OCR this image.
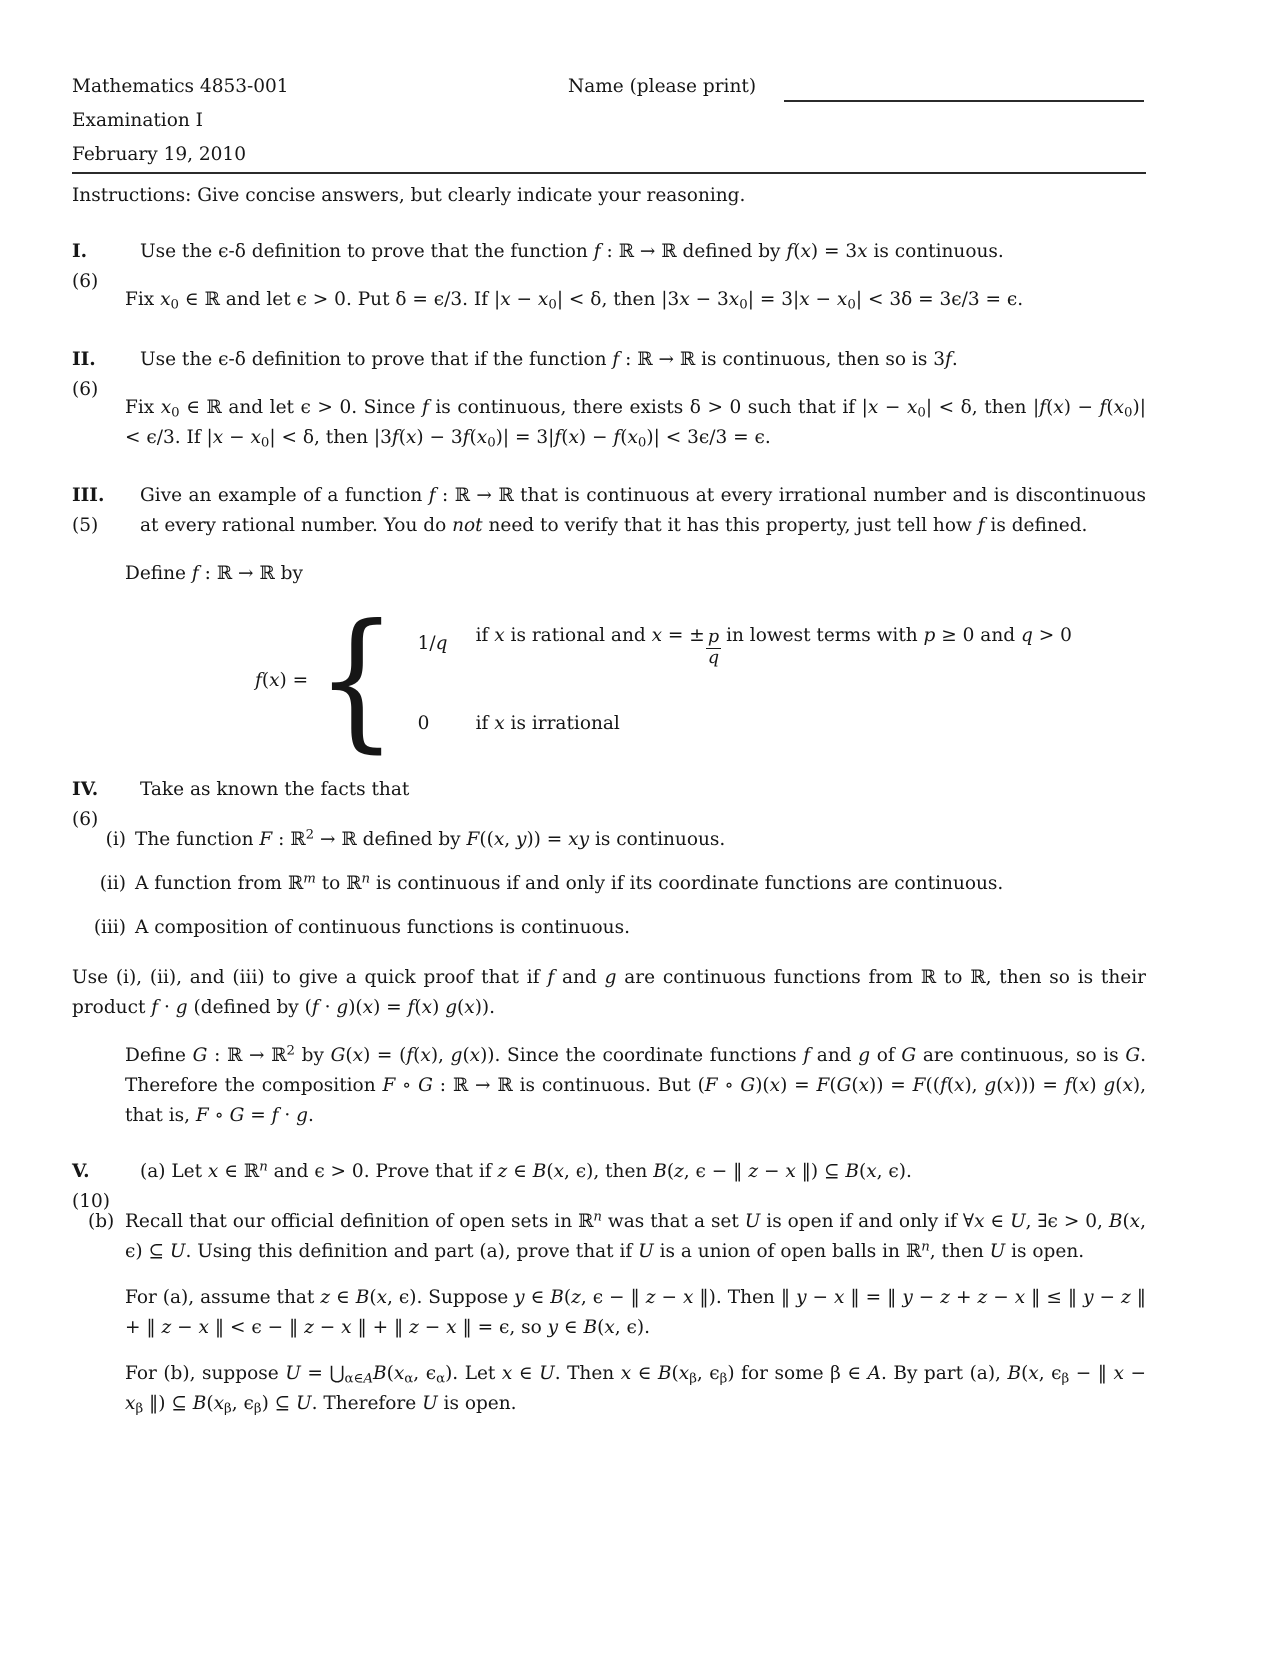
Mathematics 4853-001	Name (please print)
Examination I
February 19, 2010
Instructions: Give concise answers, but clearly indicate your reasoning.
I.
(6)

Use the ϵ-δ definition to prove that the function f : ℝ → ℝ defined by f(x) = 3x is continuous.

Fix $x_0$ ∈ ℝ and let ϵ > 0. Put δ = ϵ/3. If $|x - x_0| < \delta$, then $|3x - 3x_0| = 3|x - x_0| < 3\delta = 3\epsilon/3 = \epsilon$.

II.
(6)

Use the ϵ-δ definition to prove that if the function f : ℝ → ℝ is continuous, then so is 3f.

Fix $x_0$ ∈ ℝ and let ϵ > 0. Since f is continuous, there exists δ > 0 such that if $|x - x_0| < \delta$, then $|f(x) - f(x_0)| < \epsilon/3$. If $|x - x_0| < \delta$, then $|3f(x) - 3f(x_0)| = 3|f(x) - f(x_0)| < 3\epsilon/3 = \epsilon$.

III.
(5)

Give an example of a function f : ℝ → ℝ that is continuous at every irrational number and is discontinuous at every rational number. You do not need to verify that it has this property, just tell how f is defined.

Define f : ℝ → ℝ by

f(x) = { 1/q	if x is rational and x = ± $\frac{p}{q}$ in lowest terms with p ≥ 0 and q > 0
0	if x is irrational
IV.
(6)

Take as known the facts that

(i) The function F : ℝ$^2$ → ℝ defined by F((x, y)) = xy is continuous.
(ii) A function from ℝ$^m$ to ℝ$^n$ is continuous if and only if its coordinate functions are continuous.
(iii) A composition of continuous functions is continuous.

Use (i), (ii), and (iii) to give a quick proof that if f and g are continuous functions from ℝ to ℝ, then so is their product f · g (defined by (f · g)(x) = f(x) g(x)).

Define G : ℝ → ℝ$^2$ by G(x) = (f(x), g(x)). Since the coordinate functions f and g of G are continuous, so is G. Therefore the composition F ∘ G : ℝ → ℝ is continuous. But (F ∘ G)(x) = F(G(x)) = F((f(x), g(x))) = f(x) g(x), that is, F ∘ G = f · g.

V.
(10)

(a) Let x ∈ ℝ$^n$ and ϵ > 0. Prove that if z ∈ B(x, ϵ), then B(z, ϵ − ‖ z − x ‖) ⊆ B(x, ϵ).

(b) Recall that our official definition of open sets in ℝ$^n$ was that a set U is open if and only if ∀x ∈ U, ∃ϵ > 0, B(x, ϵ) ⊆ U. Using this definition and part (a), prove that if U is a union of open balls in ℝ$^n$, then U is open.

For (a), assume that z ∈ B(x, ϵ). Suppose y ∈ B(z, ϵ − ‖ z − x ‖). Then ‖ y − x ‖ = ‖ y − z + z − x ‖ ≤ ‖ y − z ‖ + ‖ z − x ‖ < ϵ − ‖ z − x ‖ + ‖ z − x ‖ = ϵ, so y ∈ B(x, ϵ).

For (b), suppose $U = ⋃_{\alpha\in A}B(x_\alpha$, $\epsilon_\alpha$). Let x ∈ U. Then x ∈ $B(x_\beta$, $\epsilon_\beta$) for some β ∈ A. By part (a), B(x, $\epsilon_\beta$ − ‖ $x - x_\beta$ ‖) ⊆ $B(x_\beta$, $\epsilon_\beta$) ⊆ U. Therefore U is open.
